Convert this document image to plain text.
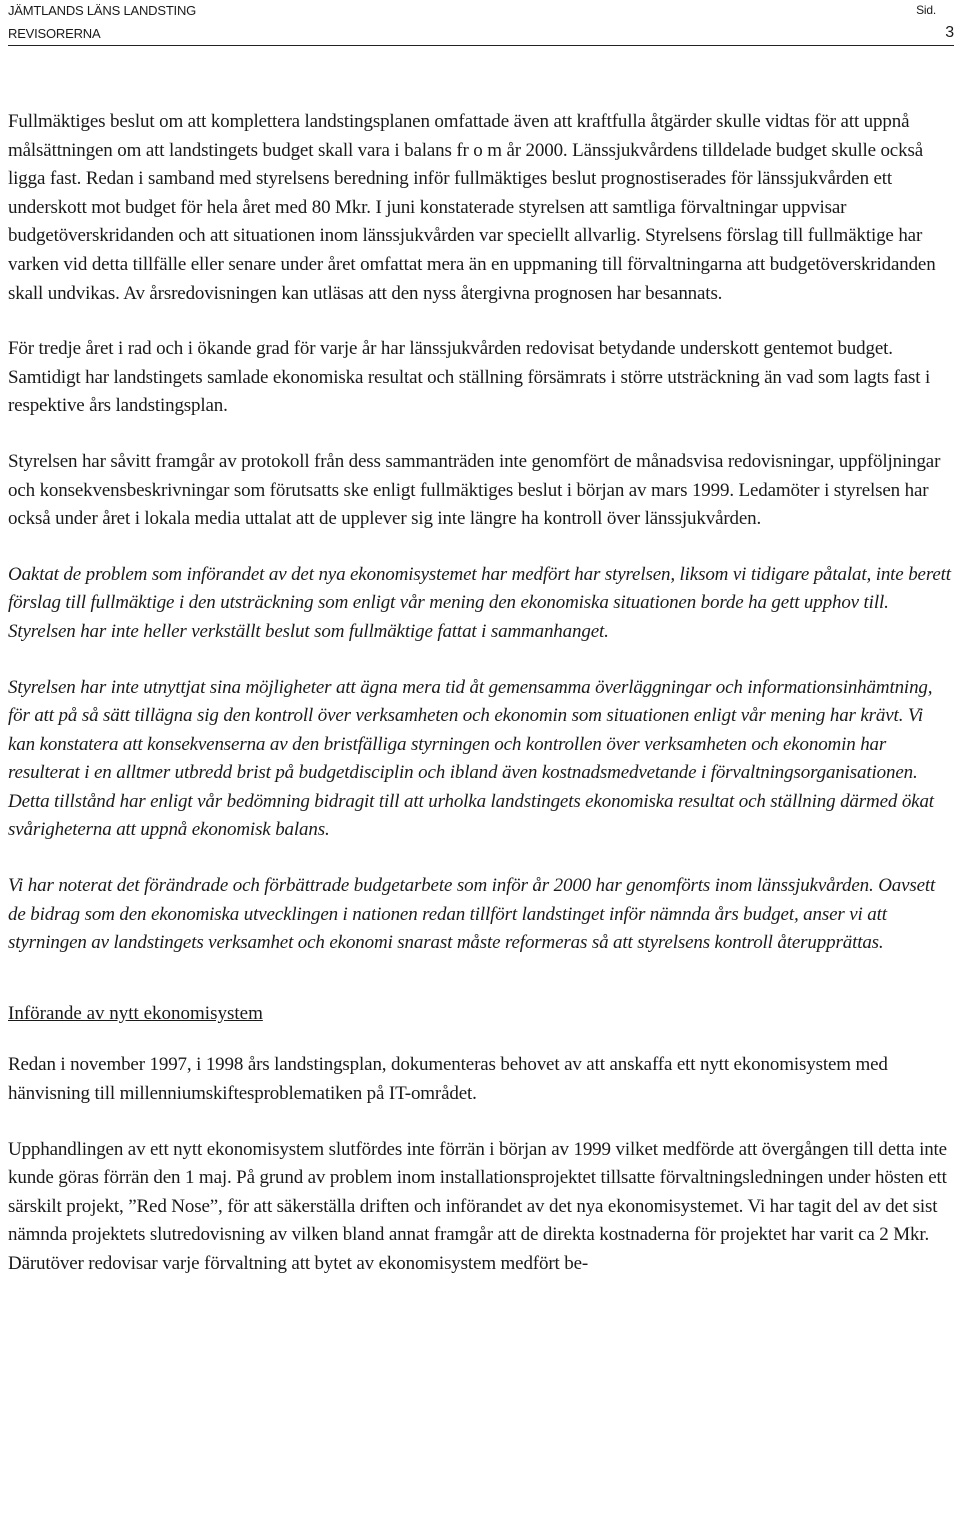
JÄMTLANDS LÄNS LANDSTING	Sid.
REVISORERNA	3

Fullmäktiges beslut om att komplettera landstingsplanen omfattade även att kraftfulla åtgärder skulle vidtas för att uppnå målsättningen om att landstingets budget skall vara i balans fr o m år 2000. Länssjukvårdens tilldelade budget skulle också ligga fast. Redan i samband med styrelsens beredning inför fullmäktiges beslut prognostiserades för länssjukvården ett underskott mot budget för hela året med 80 Mkr. I juni konstaterade styrelsen att samtliga förvaltningar uppvisar budgetöverskridanden och att situationen inom länssjukvården var speciellt allvarlig. Styrelsens förslag till fullmäktige har varken vid detta tillfälle eller senare under året omfattat mera än en uppmaning till förvaltningarna att budgetöverskridanden skall undvikas. Av årsredovisningen kan utläsas att den nyss återgivna prognosen har besannats.

För tredje året i rad och i ökande grad för varje år har länssjukvården redovisat betydande underskott gentemot budget. Samtidigt har landstingets samlade ekonomiska resultat och ställning försämrats i större utsträckning än vad som lagts fast i respektive års landstingsplan.

Styrelsen har såvitt framgår av protokoll från dess sammanträden inte genomfört de månadsvisa redovisningar, uppföljningar och konsekvensbeskrivningar som förutsatts ske enligt fullmäktiges beslut i början av mars 1999. Ledamöter i styrelsen har också under året i lokala media uttalat att de upplever sig inte längre ha kontroll över länssjukvården.

Oaktat de problem som införandet av det nya ekonomisystemet har medfört har styrelsen, liksom vi tidigare påtalat, inte berett förslag till fullmäktige i den utsträckning som enligt vår mening den ekonomiska situationen borde ha gett upphov till. Styrelsen har inte heller verkställt beslut som fullmäktige fattat i sammanhanget.

Styrelsen har inte utnyttjat sina möjligheter att ägna mera tid åt gemensamma överläggningar och informationsinhämtning, för att på så sätt tillägna sig den kontroll över verksamheten och ekonomin som situationen enligt vår mening har krävt. Vi kan konstatera att konsekvenserna av den bristfälliga styrningen och kontrollen över verksamheten och ekonomin har resulterat i en alltmer utbredd brist på budgetdisciplin och ibland även kostnadsmedvetande i förvaltningsorganisationen. Detta tillstånd har enligt vår bedömning bidragit till att urholka landstingets ekonomiska resultat och ställning därmed ökat svårigheterna att uppnå ekonomisk balans.

Vi har noterat det förändrade och förbättrade budgetarbete som inför år 2000 har genomförts inom länssjukvården. Oavsett de bidrag som den ekonomiska utvecklingen i nationen redan tillfört landstinget inför nämnda års budget, anser vi att styrningen av landstingets verksamhet och ekonomi snarast måste reformeras så att styrelsens kontroll återupprättas.

Införande av nytt ekonomisystem

Redan i november 1997, i 1998 års landstingsplan, dokumenteras behovet av att anskaffa ett nytt ekonomisystem med hänvisning till millenniumskiftesproblematiken på IT-området.

Upphandlingen av ett nytt ekonomisystem slutfördes inte förrän i början av 1999 vilket medförde att övergången till detta inte kunde göras förrän den 1 maj. På grund av problem inom installationsprojektet tillsatte förvaltningsledningen under hösten ett särskilt projekt, ”Red Nose”, för att säkerställa driften och införandet av det nya ekonomisystemet. Vi har tagit del av det sist nämnda projektets slutredovisning av vilken bland annat framgår att de direkta kostnaderna för projektet har varit ca 2 Mkr. Därutöver redovisar varje förvaltning att bytet av ekonomisystem medfört be-
